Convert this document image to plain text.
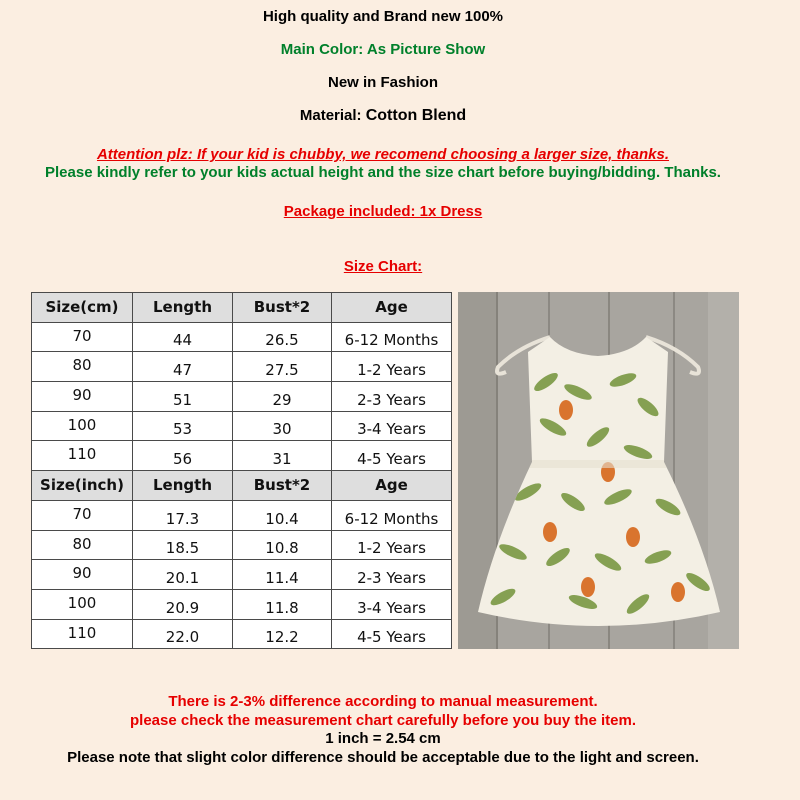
High quality and Brand new 100%
Main Color: As Picture Show
New in Fashion
Material: Cotton Blend
Attention plz: If your kid is chubby, we recomend choosing a larger size, thanks.
Please kindly refer to your kids actual height and the size chart before buying/bidding. Thanks.
Package included: 1x Dress
Size Chart:
Size(cm)	Length	Bust*2	Age
70	44	26.5	6-12 Months
80	47	27.5	1-2 Years
90	51	29	2-3 Years
100	53	30	3-4 Years
110	56	31	4-5 Years
Size(inch)	Length	Bust*2	Age
70	17.3	10.4	6-12 Months
80	18.5	10.8	1-2 Years
90	20.1	11.4	2-3 Years
100	20.9	11.8	3-4 Years
110	22.0	12.2	4-5 Years
There is 2-3% difference according to manual measurement.
please check the measurement chart carefully before you buy the item.
1 inch = 2.54 cm
Please note that slight color difference should be acceptable due to the light and screen.
